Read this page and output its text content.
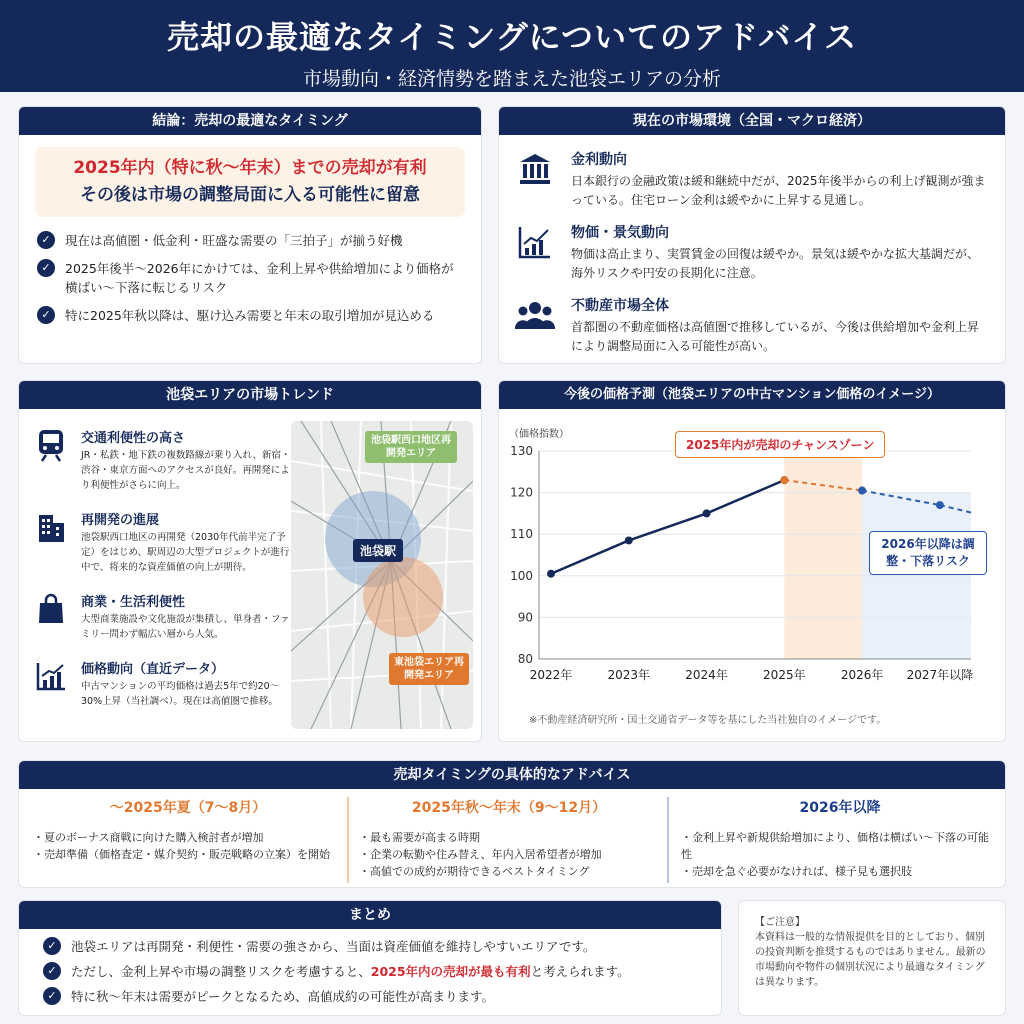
売却の最適なタイミングについてのアドバイス
市場動向・経済情勢を踏まえた池袋エリアの分析
結論：売却の最適なタイミング
2025年内（特に秋〜年末）までの売却が有利
その後は市場の調整局面に入る可能性に留意
✓	現在は高値圏・低金利・旺盛な需要の「三拍子」が揃う好機
✓	2025年後半〜2026年にかけては、金利上昇や供給増加により価格が横ばい〜下落に転じるリスク
✓	特に2025年秋以降は、駆け込み需要と年末の取引増加が見込める
現在の市場環境（全国・マクロ経済）
金利動向
日本銀行の金融政策は緩和継続中だが、2025年後半からの利上げ観測が強まっている。住宅ローン金利は緩やかに上昇する見通し。
物価・景気動向
物価は高止まり、実質賃金の回復は緩やか。景気は緩やかな拡大基調だが、海外リスクや円安の長期化に注意。
不動産市場全体
首都圏の不動産価格は高値圏で推移しているが、今後は供給増加や金利上昇により調整局面に入る可能性が高い。
池袋エリアの市場トレンド
交通利便性の高さ
JR・私鉄・地下鉄の複数路線が乗り入れ、新宿・渋谷・東京方面へのアクセスが良好。再開発により利便性がさらに向上。
再開発の進展
池袋駅西口地区の再開発（2030年代前半完了予定）をはじめ、駅周辺の大型プロジェクトが進行中で、将来的な資産価値の向上が期待。
商業・生活利便性
大型商業施設や文化施設が集積し、単身者・ファミリー問わず幅広い層から人気。
価格動向（直近データ）
中古マンションの平均価格は過去5年で約20〜30%上昇（当社調べ）。現在は高値圏で推移。
池袋駅西口地区再開発エリア
池袋駅
東池袋エリア再開発エリア
今後の価格予測（池袋エリアの中古マンション価格のイメージ）
80
90
100
110
120
130
（価格指数）
2022年	2023年	2024年	2025年	2026年 2027年以降
2025年内が売却のチャンスゾーン
2026年以降は調整・下落リスク
※不動産経済研究所・国土交通省データ等を基にした当社独自のイメージです。
売却タイミングの具体的なアドバイス
〜2025年夏（7〜8月）
・夏のボーナス商戦に向けた購入検討者が増加
・売却準備（価格査定・媒介契約・販売戦略の立案）を開始
2025年秋〜年末（9〜12月）
・最も需要が高まる時期
・企業の転勤や住み替え、年内入居希望者が増加
・高値での成約が期待できるベストタイミング
2026年以降
・金利上昇や新規供給増加により、価格は横ばい〜下落の可能性
・売却を急ぐ必要がなければ、様子見も選択肢
まとめ
✓	池袋エリアは再開発・利便性・需要の強さから、当面は資産価値を維持しやすいエリアです。
✓	ただし、金利上昇や市場の調整リスクを考慮すると、2025年内の売却が最も有利と考えられます。
✓	特に秋〜年末は需要がピークとなるため、高値成約の可能性が高まります。
【ご注意】
本資料は一般的な情報提供を目的としており、個別の投資判断を推奨するものではありません。最新の市場動向や物件の個別状況により最適なタイミングは異なります。
